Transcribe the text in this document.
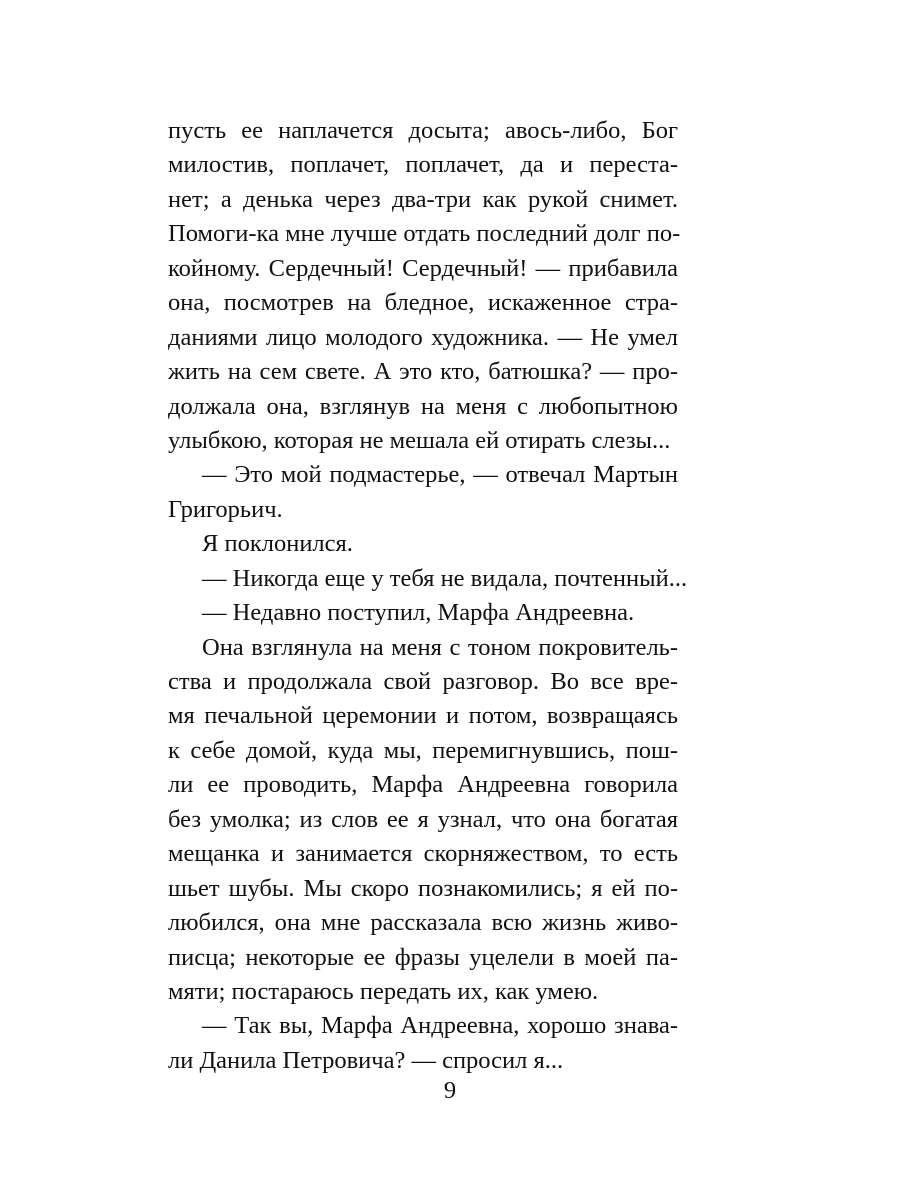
пусть ее наплачется досыта; авось-либо, Бог
милостив, поплачет, поплачет, да и переста-
нет; а денька через два-три как рукой снимет.
Помоги-ка мне лучше отдать последний долг по-
койному. Сердечный! Сердечный! — прибавила
она, посмотрев на бледное, искаженное стра-
даниями лицо молодого художника. — Не умел
жить на сем свете. А это кто, батюшка? — про-
должала она, взглянув на меня с любопытною
улыбкою, которая не мешала ей отирать слезы...
— Это мой подмастерье, — отвечал Мартын
Григорьич.
Я поклонился.
— Никогда еще у тебя не видала, почтенный...
— Недавно поступил, Марфа Андреевна.
Она взглянула на меня с тоном покровитель-
ства и продолжала свой разговор. Во все вре-
мя печальной церемонии и потом, возвращаясь
к себе домой, куда мы, перемигнувшись, пош-
ли ее проводить, Марфа Андреевна говорила
без умолка; из слов ее я узнал, что она богатая
мещанка и занимается скорняжеством, то есть
шьет шубы. Мы скоро познакомились; я ей по-
любился, она мне рассказала всю жизнь живо-
писца; некоторые ее фразы уцелели в моей па-
мяти; постараюсь передать их, как умею.
— Так вы, Марфа Андреевна, хорошо знава-
ли Данила Петровича? — спросил я...
9
